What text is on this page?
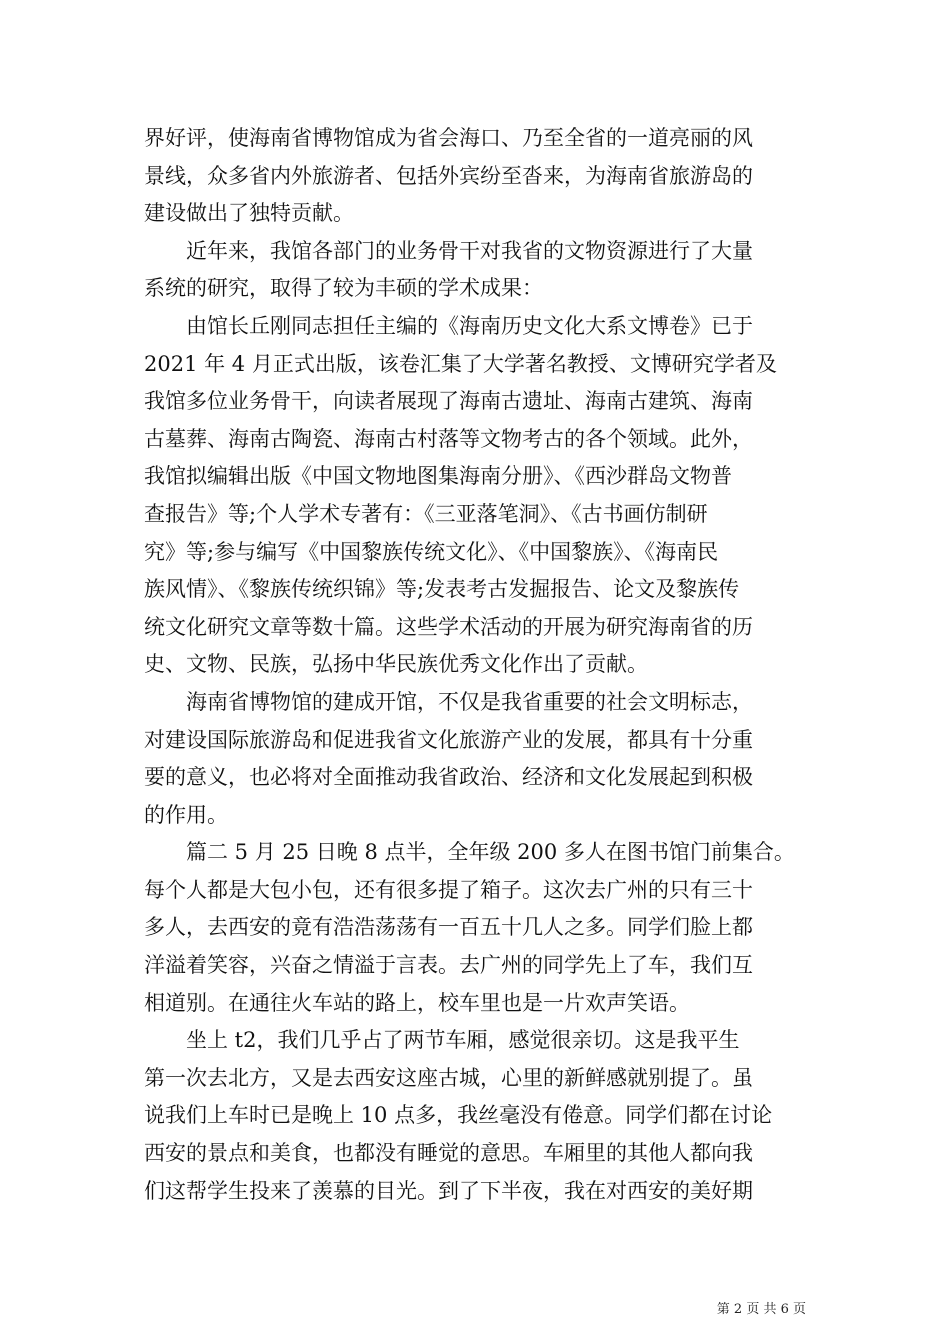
界好评，使海南省博物馆成为省会海口、乃至全省的一道亮丽的风
景线，众多省内外旅游者、包括外宾纷至沓来，为海南省旅游岛的
建设做出了独特贡献。
近年来，我馆各部门的业务骨干对我省的文物资源进行了大量
系统的研究，取得了较为丰硕的学术成果：
由馆长丘刚同志担任主编的《海南历史文化大系文博卷》已于
2021 年 4 月正式出版，该卷汇集了大学著名教授、文博研究学者及
我馆多位业务骨干，向读者展现了海南古遗址、海南古建筑、海南
古墓葬、海南古陶瓷、海南古村落等文物考古的各个领域。此外，
我馆拟编辑出版《中国文物地图集海南分册》、《西沙群岛文物普
查报告》等;个人学术专著有：《三亚落笔洞》、《古书画仿制研
究》等;参与编写《中国黎族传统文化》、《中国黎族》、《海南民
族风情》、《黎族传统织锦》等;发表考古发掘报告、论文及黎族传
统文化研究文章等数十篇。这些学术活动的开展为研究海南省的历
史、文物、民族，弘扬中华民族优秀文化作出了贡献。
海南省博物馆的建成开馆，不仅是我省重要的社会文明标志，
对建设国际旅游岛和促进我省文化旅游产业的发展，都具有十分重
要的意义，也必将对全面推动我省政治、经济和文化发展起到积极
的作用。
篇二 5 月 25 日晚 8 点半，全年级 200 多人在图书馆门前集合。
每个人都是大包小包，还有很多提了箱子。这次去广州的只有三十
多人，去西安的竟有浩浩荡荡有一百五十几人之多。同学们脸上都
洋溢着笑容，兴奋之情溢于言表。去广州的同学先上了车，我们互
相道别。在通往火车站的路上，校车里也是一片欢声笑语。
坐上 t2，我们几乎占了两节车厢，感觉很亲切。这是我平生
第一次去北方，又是去西安这座古城，心里的新鲜感就别提了。虽
说我们上车时已是晚上 10 点多，我丝毫没有倦意。同学们都在讨论
西安的景点和美食，也都没有睡觉的意思。车厢里的其他人都向我
们这帮学生投来了羡慕的目光。到了下半夜，我在对西安的美好期
第 2 页 共 6 页
